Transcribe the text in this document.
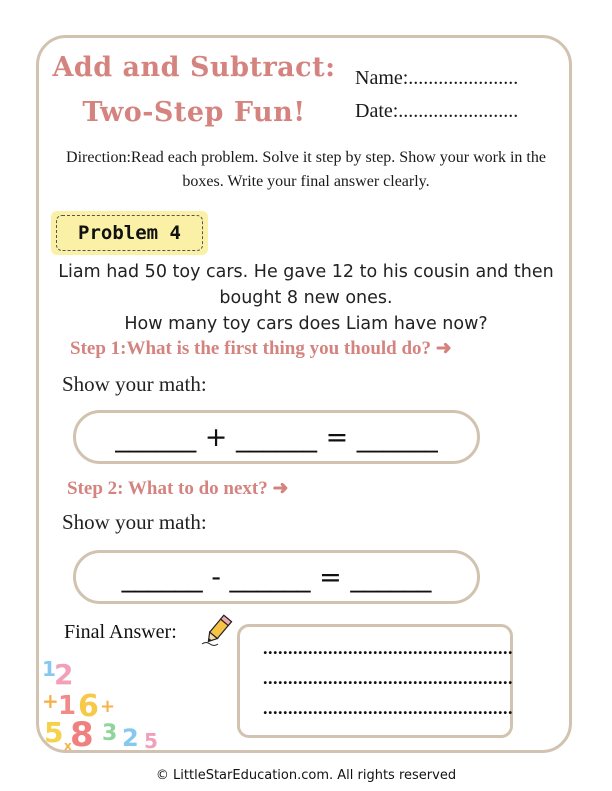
Add and Subtract:
Two-Step Fun!
Name:......................
Date:........................
Direction:Read each problem. Solve it step by step. Show your work in the boxes. Write your final answer clearly.
Problem 4
Liam had 50 toy cars. He gave 12 to his cousin and then
bought 8 new ones.
How many toy cars does Liam have now?
Step 1:What is the first thing you thould do? ➜
Show your math:
______ + ______ = ______
Step 2: What to do next? ➜
Show your math:
______ - ______ = ______
Final Answer:
..................................................
..................................................
..................................................
1
2
+ 1 6 +
5 8 3 2 5
x
© LittleStarEducation.com. All rights reserved
